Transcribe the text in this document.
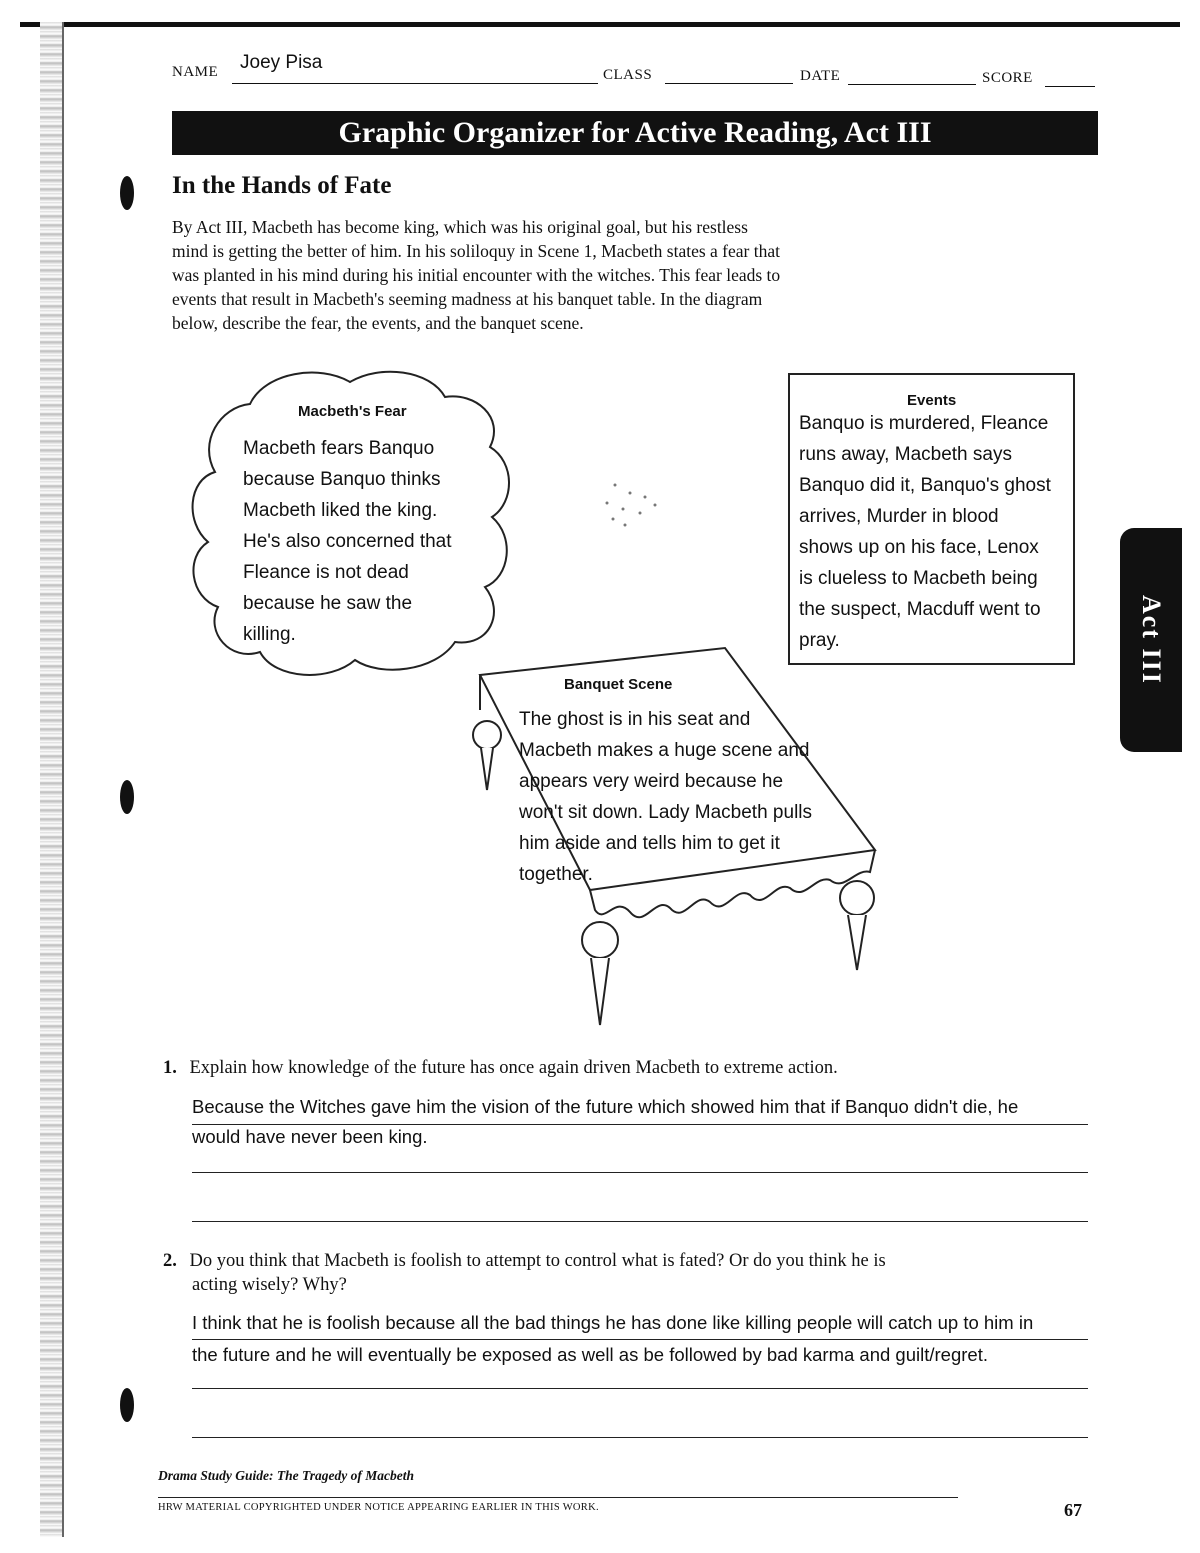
NAME Joey Pisa
CLASS	DATE	SCORE
Graphic Organizer for Active Reading, Act III
In the Hands of Fate
By Act III, Macbeth has become king, which was his original goal, but his restless
mind is getting the better of him. In his soliloquy in Scene 1, Macbeth states a fear that
was planted in his mind during his initial encounter with the witches. This fear leads to
events that result in Macbeth's seeming madness at his banquet table. In the diagram
below, describe the fear, the events, and the banquet scene.
Macbeth's Fear
Macbeth fears Banquo
because Banquo thinks
Macbeth liked the king.
He's also concerned that
Fleance is not dead
because he saw the
killing.
Events
Banquo is murdered, Fleance
runs away, Macbeth says
Banquo did it, Banquo's ghost
arrives, Murder in blood
shows up on his face, Lenox
is clueless to Macbeth being
the suspect, Macduff went to
pray.
Banquet Scene
The ghost is in his seat and
Macbeth makes a huge scene and
appears very weird because he
won't sit down. Lady Macbeth pulls
him aside and tells him to get it
together.
Act III
1. Explain how knowledge of the future has once again driven Macbeth to extreme action.
Because the Witches gave him the vision of the future which showed him that if Banquo didn't die, he
would have never been king.
2. Do you think that Macbeth is foolish to attempt to control what is fated? Or do you think he is
acting wisely? Why?
I think that he is foolish because all the bad things he has done like killing people will catch up to him in
the future and he will eventually be exposed as well as be followed by bad karma and guilt/regret.
Drama Study Guide: The Tragedy of Macbeth
HRW MATERIAL COPYRIGHTED UNDER NOTICE APPEARING EARLIER IN THIS WORK.	67
